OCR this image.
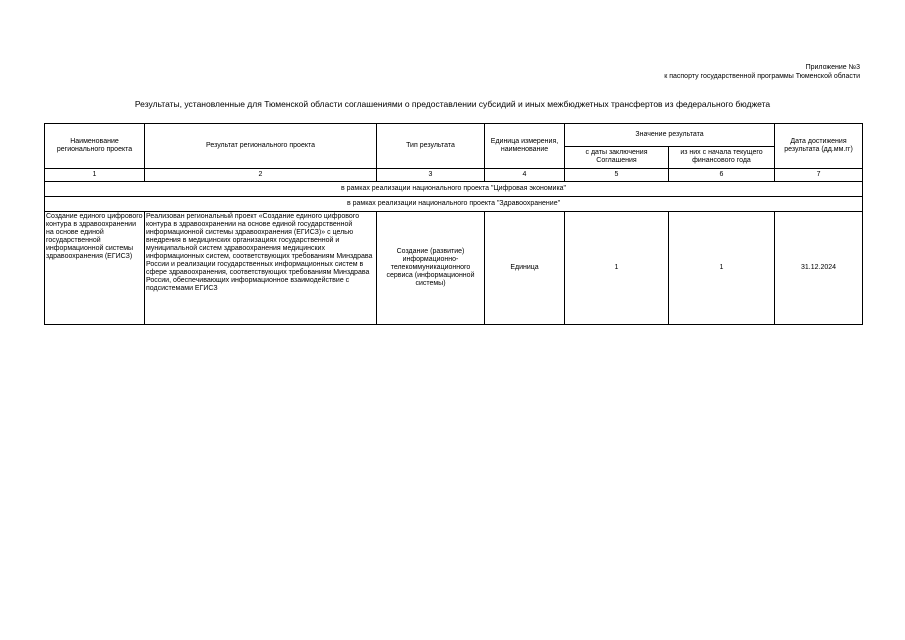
Приложение №3
к паспорту государственной программы Тюменской области
Результаты, установленные для Тюменской области соглашениями о предоставлении субсидий и иных межбюджетных трансфертов из федерального бюджета
Наименование регионального проекта	Результат регионального проекта	Тип результата	Единица измерения, наименование	Значение результата		Дата достижения результата (дд.мм.гг)
				с даты заключения Соглашения	из них с начала текущего финансового года	
1	2	3	4	5	6	7
в рамках реализации национального проекта "Цифровая экономика"						
в рамках реализации национального проекта "Здравоохранение"						
Создание единого цифрового контура в здравоохранении на основе единой государственной информационной системы здравоохранения (ЕГИСЗ)	Реализован региональный проект «Создание единого цифрового контура в здравоохранении на основе единой государственной информационной системы здравоохранения (ЕГИСЗ)» с целью внедрения в медицинских организациях государственной и муниципальной систем здравоохранения медицинских информационных систем, соответствующих требованиям Минздрава России и реализации государственных информационных систем в сфере здравоохранения, соответствующих требованиям Минздрава России, обеспечивающих информационное взаимодействие с подсистемами ЕГИСЗ	Создание (развитие) информационно-телекоммуникационного сервиса (информационной системы)	Единица	1	1	31.12.2024
